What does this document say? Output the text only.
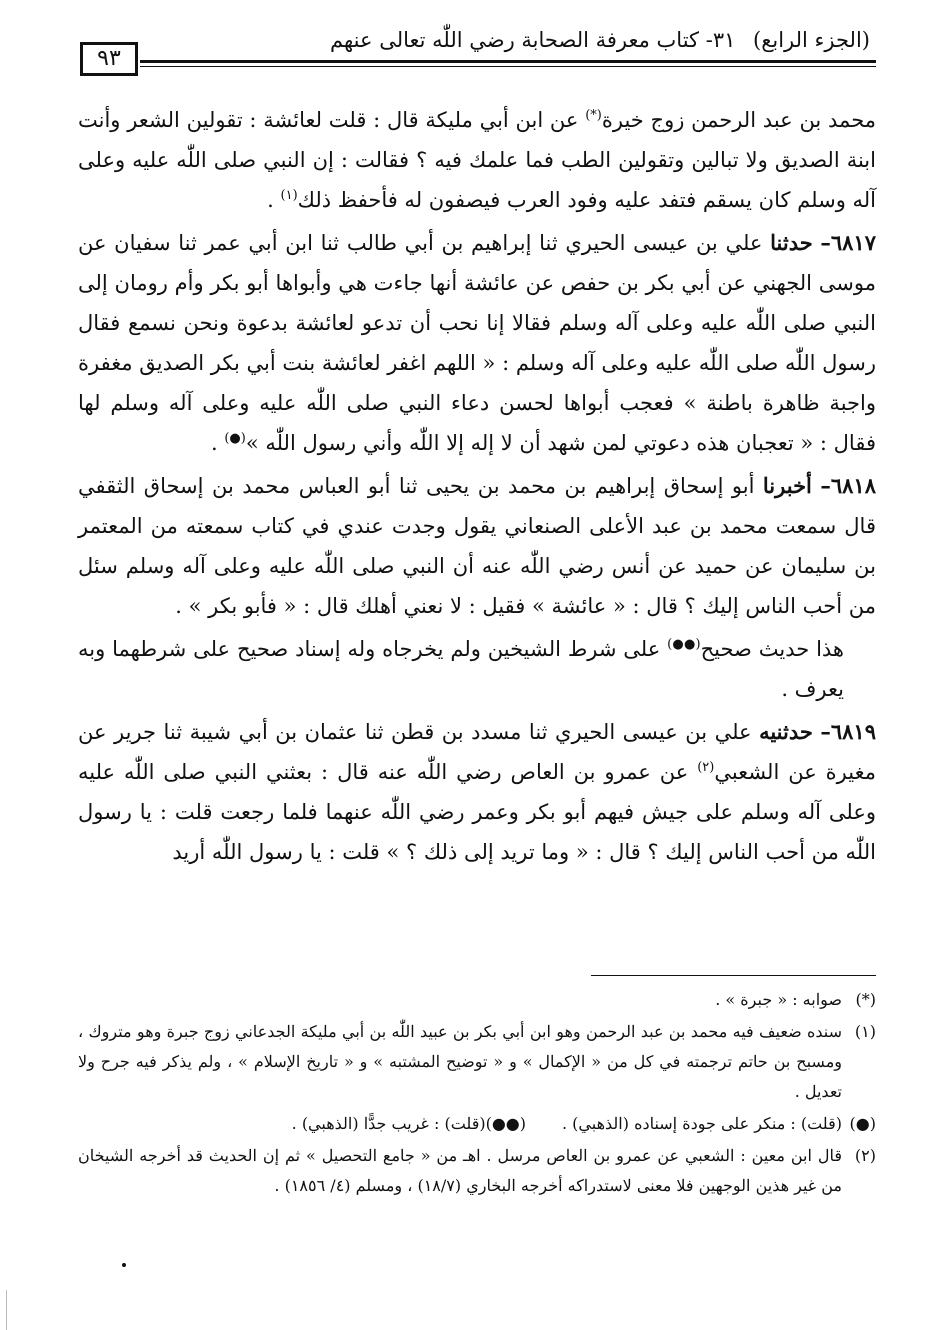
(الجزء الرابع)
٣١- كتاب معرفة الصحابة رضي اللّٰه تعالى عنهم
٩٣

محمد بن عبد الرحمن زوج خيرة(*) عن ابن أبي مليكة قال : قلت لعائشة : تقولين الشعر وأنت ابنة الصديق ولا تبالين وتقولين الطب فما علمك فيه ؟ فقالت : إن النبي صلى اللّٰه عليه وعلى آله وسلم كان يسقم فتفد عليه وفود العرب فيصفون له فأحفظ ذلك$^{(١)}$ .

٦٨١٧– حدثنا علي بن عيسى الحيري ثنا إبراهيم بن أبي طالب ثنا ابن أبي عمر ثنا سفيان عن موسى الجهني عن أبي بكر بن حفص عن عائشة أنها جاءت هي وأبواها أبو بكر وأم رومان إلى النبي صلى اللّٰه عليه وعلى آله وسلم فقالا إنا نحب أن تدعو لعائشة بدعوة ونحن نسمع فقال رسول اللّٰه صلى اللّٰه عليه وعلى آله وسلم : « اللهم اغفر لعائشة بنت أبي بكر الصديق مغفرة واجبة ظاهرة باطنة » فعجب أبواها لحسن دعاء النبي صلى اللّٰه عليه وعلى آله وسلم لها فقال : « تعجبان هذه دعوتي لمن شهد أن لا إله إلا اللّٰه وأني رسول اللّٰه »(●) .

٦٨١٨– أخبرنا أبو إسحاق إبراهيم بن محمد بن يحيى ثنا أبو العباس محمد بن إسحاق الثقفي قال سمعت محمد بن عبد الأعلى الصنعاني يقول وجدت عندي في كتاب سمعته من المعتمر بن سليمان عن حميد عن أنس رضي اللّٰه عنه أن النبي صلى اللّٰه عليه وعلى آله وسلم سئل من أحب الناس إليك ؟ قال : « عائشة » فقيل : لا نعني أهلك قال : « فأبو بكر » .

هذا حديث صحيح(●●) على شرط الشيخين ولم يخرجاه وله إسناد صحيح على شرطهما وبه يعرف .

٦٨١٩– حدثنيه علي بن عيسى الحيري ثنا مسدد بن قطن ثنا عثمان بن أبي شيبة ثنا جرير عن مغيرة عن الشعبي$^{(٢)}$ عن عمرو بن العاص رضي اللّٰه عنه قال : بعثني النبي صلى اللّٰه عليه وعلى آله وسلم على جيش فيهم أبو بكر وعمر رضي اللّٰه عنهما فلما رجعت قلت : يا رسول اللّٰه من أحب الناس إليك ؟ قال : « وما تريد إلى ذلك ؟ » قلت : يا رسول اللّٰه أريد

(*)
صوابه : « جبرة » .
(١)
سنده ضعيف فيه محمد بن عبد الرحمن وهو ابن أبي بكر بن عبيد اللّٰه بن أبي مليكة الجدعاني زوج جبرة وهو متروك ، ومسبح بن حاتم ترجمته في كل من « الإكمال » و « توضيح المشتبه » و « تاريخ الإسلام » ، ولم يذكر فيه جرح ولا تعديل .
(●)
(قلت) : منكر على جودة إسناده (الذهبي) .
(●●)
(قلت) : غريب جدًّا (الذهبي) .
(٢)
قال ابن معين : الشعبي عن عمرو بن العاص مرسل . اهـ من « جامع التحصيل » ثم إن الحديث قد أخرجه الشيخان من غير هذين الوجهين فلا معنى لاستدراكه أخرجه البخاري (١٨/٧) ، ومسلم (٤/ ١٨٥٦) .
